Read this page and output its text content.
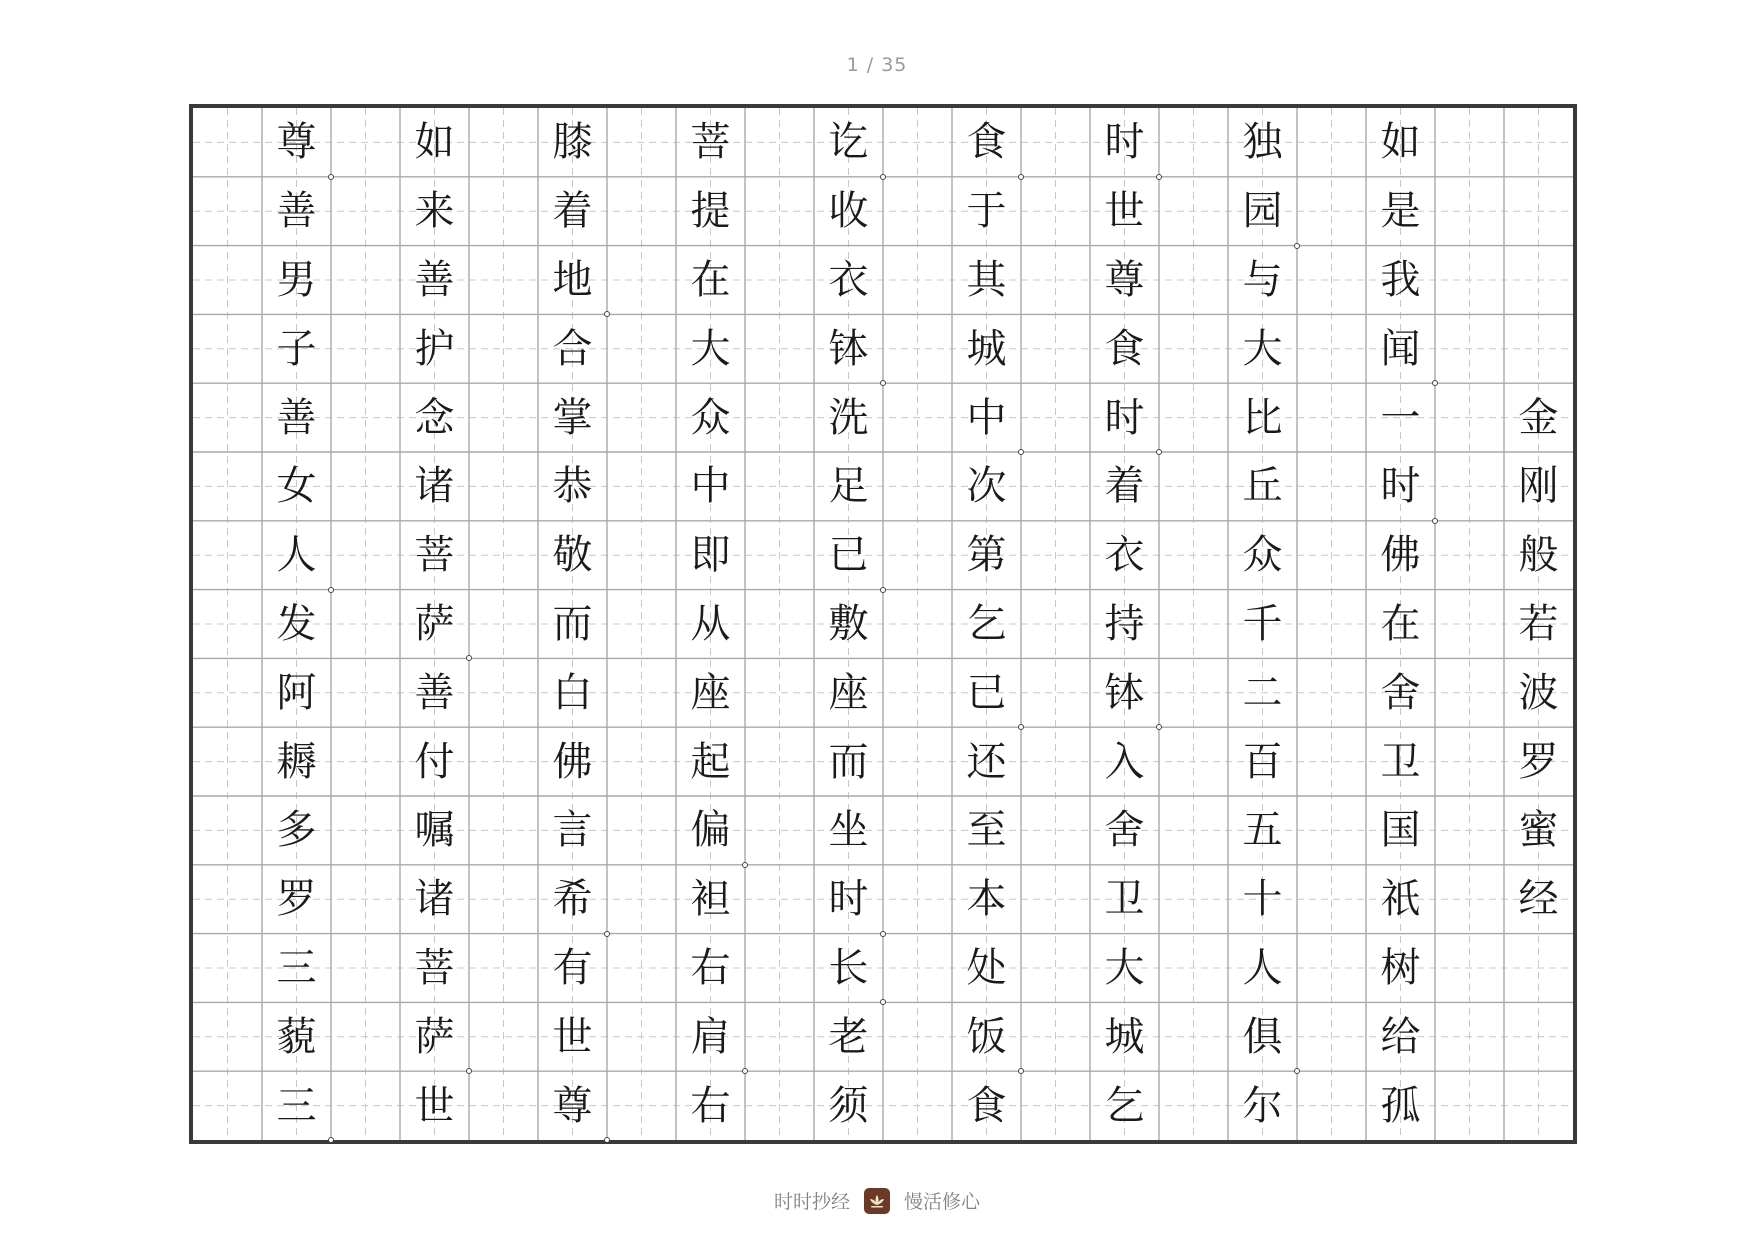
1 / 35
尊
善
男
子
善
女
人
发
阿
耨
多
罗
三
藐
三
如
来
善
护
念
诸
菩
萨
善
付
嘱
诸
菩
萨
世
膝
着
地
合
掌
恭
敬
而
白
佛
言
希
有
世
尊
菩
提
在
大
众
中
即
从
座
起
偏
袒
右
肩
右
讫
收
衣
钵
洗
足
已
敷
座
而
坐
时
长
老
须
食
于
其
城
中
次
第
乞
已
还
至
本
处
饭
食
时
世
尊
食
时
着
衣
持
钵
入
舍
卫
大
城
乞
独
园
与
大
比
丘
众
千
二
百
五
十
人
俱
尔
如
是
我
闻
一
时
佛
在
舍
卫
国
祇
树
给
孤
金
刚
般
若
波
罗
蜜
经
时时抄经	慢活修心
